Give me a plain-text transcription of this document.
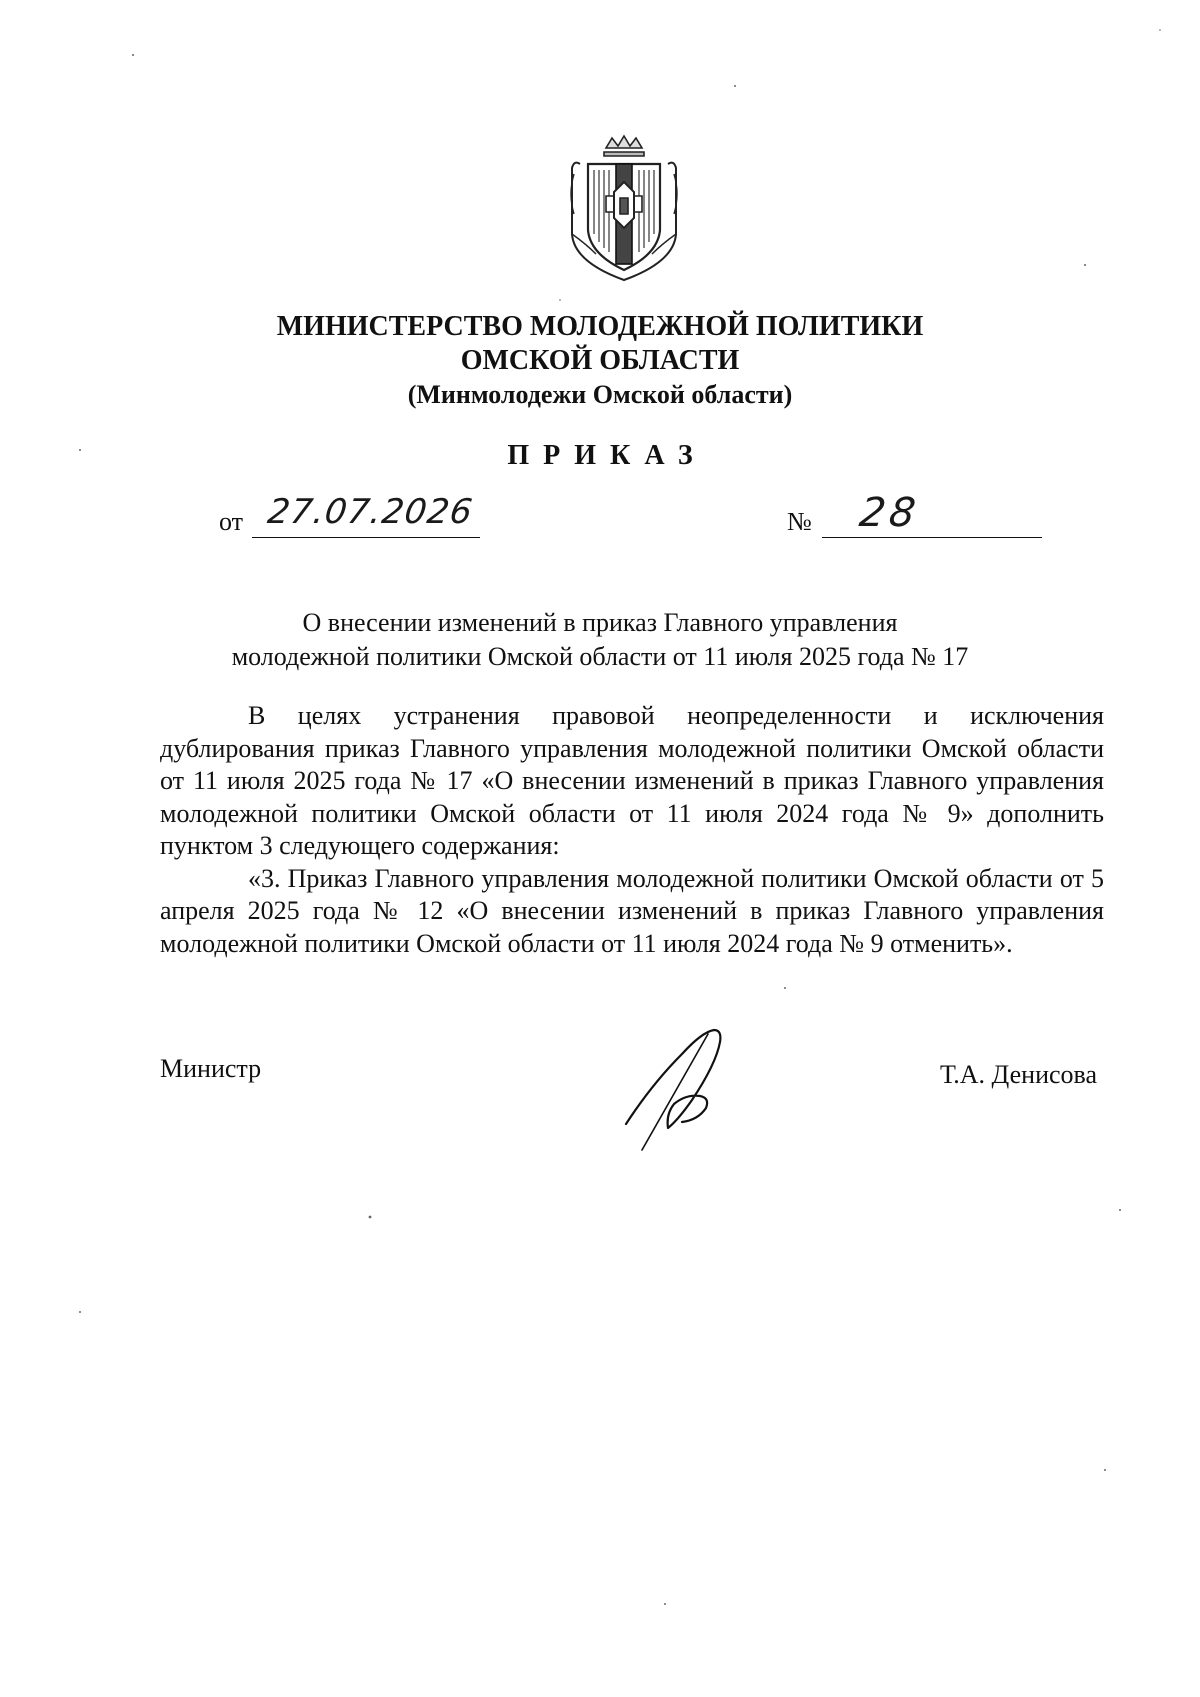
МИНИСТЕРСТВО МОЛОДЕЖНОЙ ПОЛИТИКИ
ОМСКОЙ ОБЛАСТИ
(Минмолодежи Омской области)
ПРИКАЗ
от 27.07.2026	№ 28
О внесении изменений в приказ Главного управления
молодежной политики Омской области от 11 июля 2025 года № 17

В целях устранения правовой неопределенности и исключения дублирования приказ Главного управления молодежной политики Омской области от 11 июля 2025 года № 17 «О внесении изменений в приказ Главного управления молодежной политики Омской области от 11 июля 2024 года № 9» дополнить пунктом 3 следующего содержания:

«3. Приказ Главного управления молодежной политики Омской области от 5 апреля 2025 года № 12 «О внесении изменений в приказ Главного управления молодежной политики Омской области от 11 июля 2024 года № 9 отменить».

Министр	Т.А. Денисова
